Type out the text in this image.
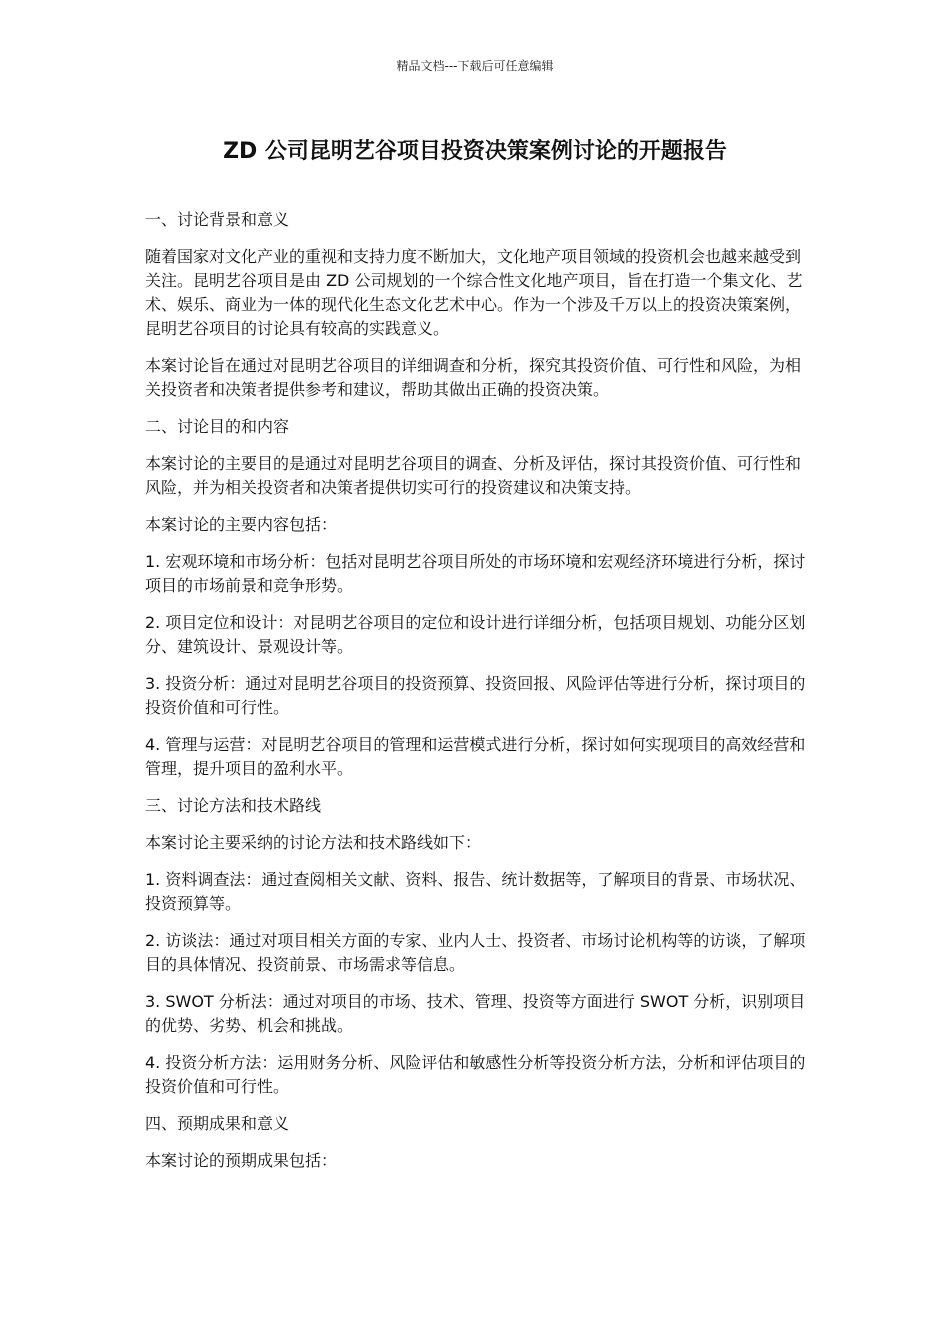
精品文档---下载后可任意编辑
ZD 公司昆明艺谷项目投资决策案例讨论的开题报告

一、讨论背景和意义

随着国家对文化产业的重视和支持力度不断加大，文化地产项目领域的投资机会也越来越受到关注。昆明艺谷项目是由 ZD 公司规划的一个综合性文化地产项目，旨在打造一个集文化、艺术、娱乐、商业为一体的现代化生态文化艺术中心。作为一个涉及千万以上的投资决策案例，昆明艺谷项目的讨论具有较高的实践意义。

本案讨论旨在通过对昆明艺谷项目的详细调查和分析，探究其投资价值、可行性和风险，为相关投资者和决策者提供参考和建议，帮助其做出正确的投资决策。

二、讨论目的和内容

本案讨论的主要目的是通过对昆明艺谷项目的调查、分析及评估，探讨其投资价值、可行性和风险，并为相关投资者和决策者提供切实可行的投资建议和决策支持。

本案讨论的主要内容包括：

1. 宏观环境和市场分析：包括对昆明艺谷项目所处的市场环境和宏观经济环境进行分析，探讨项目的市场前景和竞争形势。

2. 项目定位和设计：对昆明艺谷项目的定位和设计进行详细分析，包括项目规划、功能分区划分、建筑设计、景观设计等。

3. 投资分析：通过对昆明艺谷项目的投资预算、投资回报、风险评估等进行分析，探讨项目的投资价值和可行性。

4. 管理与运营：对昆明艺谷项目的管理和运营模式进行分析，探讨如何实现项目的高效经营和管理，提升项目的盈利水平。

三、讨论方法和技术路线

本案讨论主要采纳的讨论方法和技术路线如下：

1. 资料调查法：通过查阅相关文献、资料、报告、统计数据等，了解项目的背景、市场状况、投资预算等。

2. 访谈法：通过对项目相关方面的专家、业内人士、投资者、市场讨论机构等的访谈，了解项目的具体情况、投资前景、市场需求等信息。

3. SWOT 分析法：通过对项目的市场、技术、管理、投资等方面进行 SWOT 分析，识别项目的优势、劣势、机会和挑战。

4. 投资分析方法：运用财务分析、风险评估和敏感性分析等投资分析方法，分析和评估项目的投资价值和可行性。

四、预期成果和意义

本案讨论的预期成果包括：
